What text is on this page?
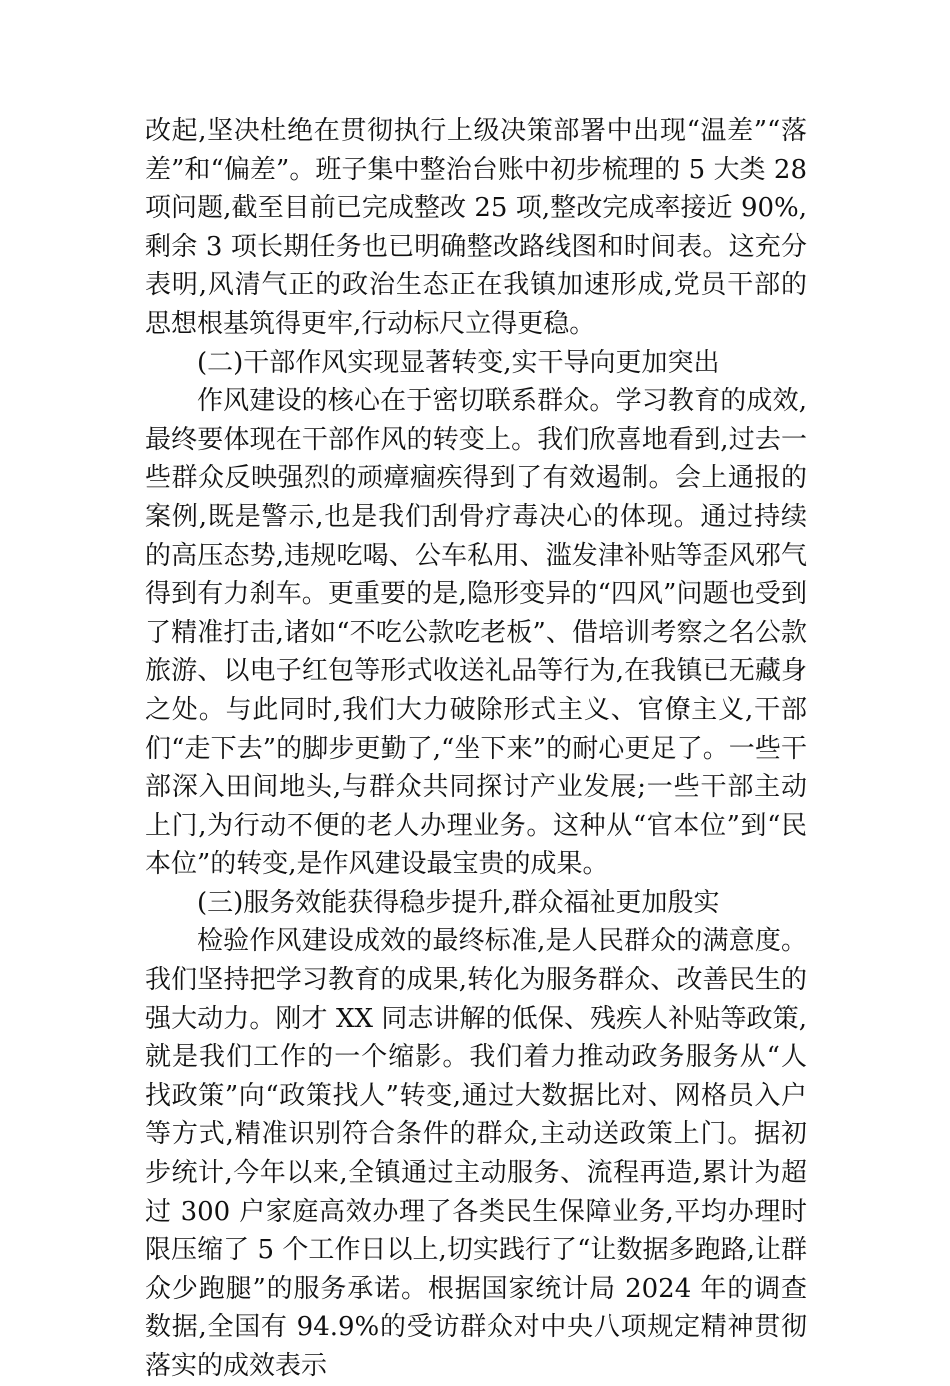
改起,坚决杜绝在贯彻执行上级决策部署中出现“温差”“落差”和“偏差”。班子集中整治台账中初步梳理的 5 大类 28 项问题,截至目前已完成整改 25 项,整改完成率接近 90%,剩余 3 项长期任务也已明确整改路线图和时间表。这充分表明,风清气正的政治生态正在我镇加速形成,党员干部的思想根基筑得更牢,行动标尺立得更稳。

(二)干部作风实现显著转变,实干导向更加突出

作风建设的核心在于密切联系群众。学习教育的成效,最终要体现在干部作风的转变上。我们欣喜地看到,过去一些群众反映强烈的顽瘴痼疾得到了有效遏制。会上通报的案例,既是警示,也是我们刮骨疗毒决心的体现。通过持续的高压态势,违规吃喝、公车私用、滥发津补贴等歪风邪气得到有力刹车。更重要的是,隐形变异的“四风”问题也受到了精准打击,诸如“不吃公款吃老板”、借培训考察之名公款旅游、以电子红包等形式收送礼品等行为,在我镇已无藏身之处。与此同时,我们大力破除形式主义、官僚主义,干部们“走下去”的脚步更勤了,“坐下来”的耐心更足了。一些干部深入田间地头,与群众共同探讨产业发展;一些干部主动上门,为行动不便的老人办理业务。这种从“官本位”到“民本位”的转变,是作风建设最宝贵的成果。

(三)服务效能获得稳步提升,群众福祉更加殷实

检验作风建设成效的最终标准,是人民群众的满意度。我们坚持把学习教育的成果,转化为服务群众、改善民生的强大动力。刚才 XX 同志讲解的低保、残疾人补贴等政策,就是我们工作的一个缩影。我们着力推动政务服务从“人找政策”向“政策找人”转变,通过大数据比对、网格员入户等方式,精准识别符合条件的群众,主动送政策上门。据初步统计,今年以来,全镇通过主动服务、流程再造,累计为超过 300 户家庭高效办理了各类民生保障业务,平均办理时限压缩了 5 个工作日以上,切实践行了“让数据多跑路,让群众少跑腿”的服务承诺。根据国家统计局 2024 年的调查数据,全国有 94.9%的受访群众对中央八项规定精神贯彻落实的成效表示
